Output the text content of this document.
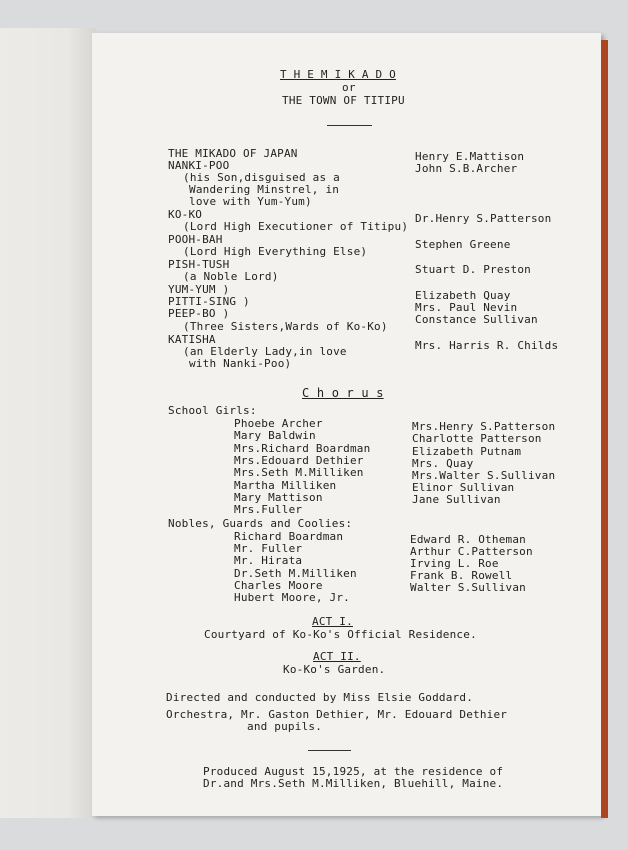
T H E M I K A D O
or
THE TOWN OF TITIPU
THE MIKADO OF JAPAN
NANKI-POO
(his Son,disguised as a
Wandering Minstrel, in
love with Yum-Yum)
KO-KO
(Lord High Executioner of Titipu)
POOH-BAH
(Lord High Everything Else)
PISH-TUSH
(a Noble Lord)
YUM-YUM )
PITTI-SING )
PEEP-BO )
(Three Sisters,Wards of Ko-Ko)
KATISHA
(an Elderly Lady,in love
with Nanki-Poo)
Henry E.Mattison
John S.B.Archer
Dr.Henry S.Patterson
Stephen Greene
Stuart D. Preston
Elizabeth Quay
Mrs. Paul Nevin
Constance Sullivan
Mrs. Harris R. Childs
C h o r u s
School Girls:
Phoebe Archer
Mary Baldwin
Mrs.Richard Boardman
Mrs.Edouard Dethier
Mrs.Seth M.Milliken
Martha Milliken
Mary Mattison
Mrs.Fuller
Mrs.Henry S.Patterson
Charlotte Patterson
Elizabeth Putnam
Mrs. Quay
Mrs.Walter S.Sullivan
Elinor Sullivan
Jane Sullivan
Nobles, Guards and Coolies:
Richard Boardman
Mr. Fuller
Mr. Hirata
Dr.Seth M.Milliken
Charles Moore
Hubert Moore, Jr.
Edward R. Otheman
Arthur C.Patterson
Irving L. Roe
Frank B. Rowell
Walter S.Sullivan
ACT I.
Courtyard of Ko-Ko's Official Residence.
ACT II.
Ko-Ko's Garden.
Directed and conducted by Miss Elsie Goddard.
Orchestra, Mr. Gaston Dethier, Mr. Edouard Dethier
and pupils.
Produced August 15,1925, at the residence of
Dr.and Mrs.Seth M.Milliken, Bluehill, Maine.
